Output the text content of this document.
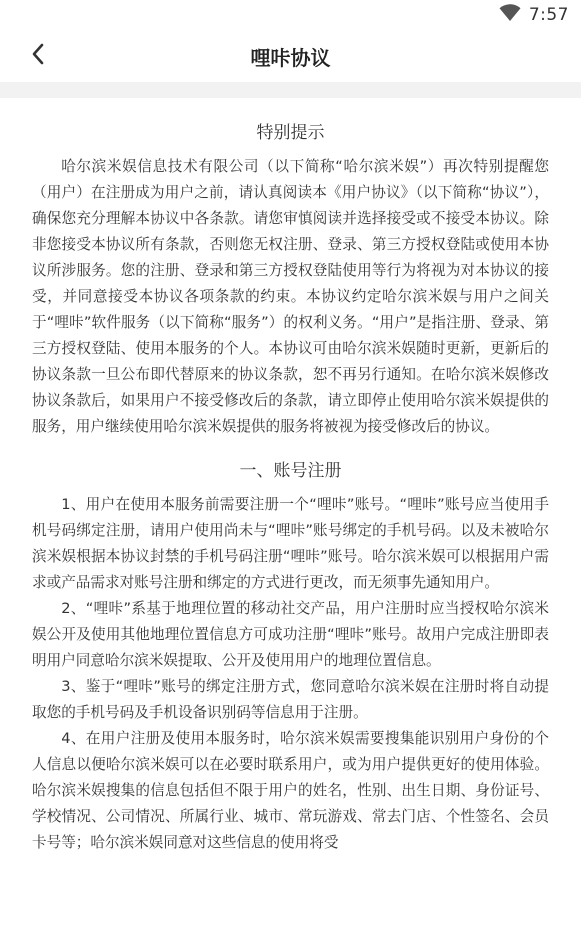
7:57
哩咔协议
特别提示

哈尔滨米娱信息技术有限公司（以下简称“哈尔滨米娱”）再次特别提醒您（用户）在注册成为用户之前，请认真阅读本《用户协议》（以下简称“协议”），确保您充分理解本协议中各条款。请您审慎阅读并选择接受或不接受本协议。除非您接受本协议所有条款，否则您无权注册、登录、第三方授权登陆或使用本协议所涉服务。您的注册、登录和第三方授权登陆使用等行为将视为对本协议的接受，并同意接受本协议各项条款的约束。本协议约定哈尔滨米娱与用户之间关于“哩咔”软件服务（以下简称“服务”）的权利义务。“用户”是指注册、登录、第三方授权登陆、使用本服务的个人。本协议可由哈尔滨米娱随时更新，更新后的协议条款一旦公布即代替原来的协议条款，恕不再另行通知。在哈尔滨米娱修改协议条款后，如果用户不接受修改后的条款，请立即停止使用哈尔滨米娱提供的服务，用户继续使用哈尔滨米娱提供的服务将被视为接受修改后的协议。

一、账号注册

1、用户在使用本服务前需要注册一个“哩咔”账号。“哩咔”账号应当使用手机号码绑定注册，请用户使用尚未与“哩咔”账号绑定的手机号码。以及未被哈尔滨米娱根据本协议封禁的手机号码注册“哩咔”账号。哈尔滨米娱可以根据用户需求或产品需求对账号注册和绑定的方式进行更改，而无须事先通知用户。

2、“哩咔”系基于地理位置的移动社交产品，用户注册时应当授权哈尔滨米娱公开及使用其他地理位置信息方可成功注册“哩咔”账号。故用户完成注册即表明用户同意哈尔滨米娱提取、公开及使用用户的地理位置信息。

3、鉴于“哩咔”账号的绑定注册方式，您同意哈尔滨米娱在注册时将自动提取您的手机号码及手机设备识别码等信息用于注册。

4、在用户注册及使用本服务时，哈尔滨米娱需要搜集能识别用户身份的个人信息以便哈尔滨米娱可以在必要时联系用户，或为用户提供更好的使用体验。哈尔滨米娱搜集的信息包括但不限于用户的姓名，性别、出生日期、身份证号、学校情况、公司情况、所属行业、城市、常玩游戏、常去门店、个性签名、会员卡号等；哈尔滨米娱同意对这些信息的使用将受
